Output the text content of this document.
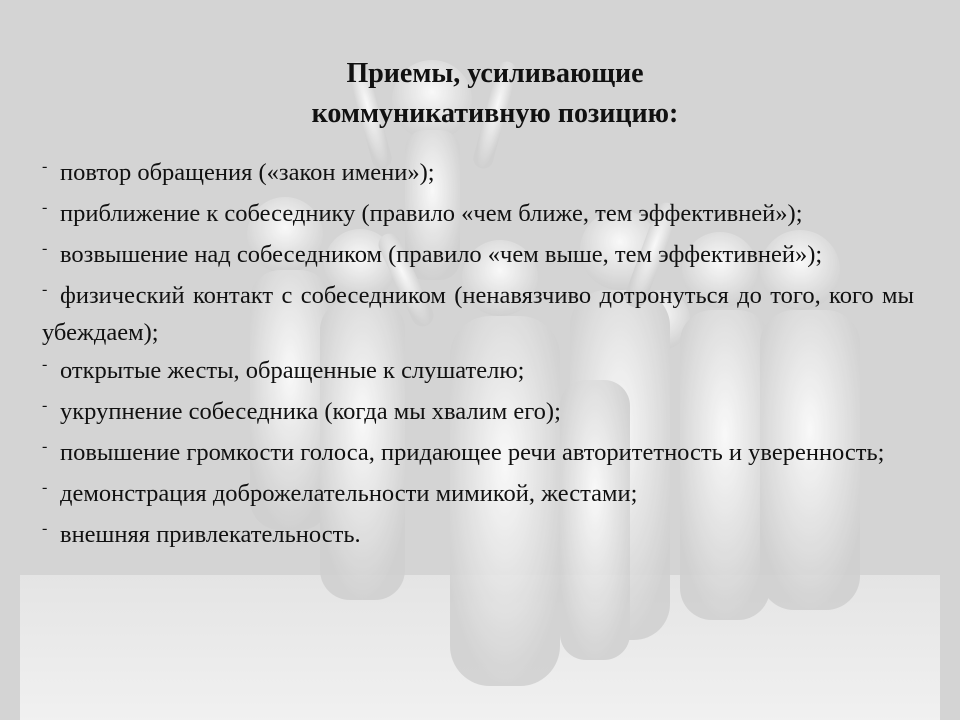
Приемы, усиливающие
коммуникативную позицию:
- повтор обращения («закон имени»);
- приближение к собеседнику (правило «чем ближе, тем эффективней»);
- возвышение над собеседником (правило «чем выше, тем эффективней»);
- физический контакт с собеседником (ненавязчиво дотронуться до того, кого мы убеждаем);
- открытые жесты, обращенные к слушателю;
- укрупнение собеседника (когда мы хвалим его);
- повышение громкости голоса, придающее речи авторитетность и уверенность;
- демонстрация доброжелательности мимикой, жестами;
- внешняя привлекательность.
